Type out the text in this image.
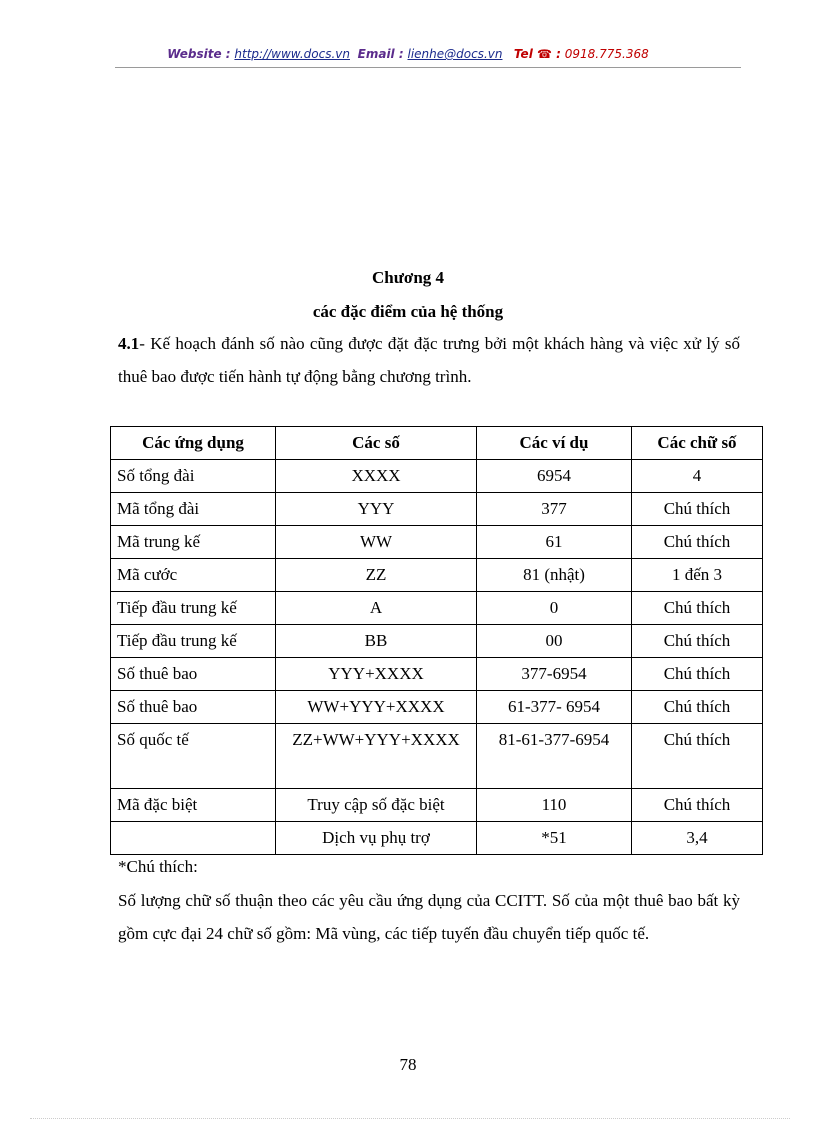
Website : http://www.docs.vn Email : lienhe@docs.vn Tel ☎ : 0918.775.368
Chương 4
các đặc điểm của hệ thống
4.1- Kế hoạch đánh số nào cũng được đặt đặc trưng bởi một khách hàng và việc xử lý số thuê bao được tiến hành tự động bằng chương trình.
Các ứng dụng	Các số	Các ví dụ	Các chữ số
Số tổng đài	XXXX	6954	4
Mã tổng đài	YYY	377	Chú thích
Mã trung kế	WW	61	Chú thích
Mã cước	ZZ	81 (nhật)	1 đến 3
Tiếp đầu trung kế	A	0	Chú thích
Tiếp đầu trung kế	BB	00	Chú thích
Số thuê bao	YYY+XXXX	377-6954	Chú thích
Số thuê bao	WW+YYY+XXXX	61-377- 6954	Chú thích
Số quốc tế	ZZ+WW+YYY+XXXX	81-61-377-6954	Chú thích
Mã đặc biệt	Truy cập số đặc biệt	110	Chú thích
	Dịch vụ phụ trợ	*51	3,4
*Chú thích:
Số lượng chữ số thuận theo các yêu cầu ứng dụng của CCITT. Số của một thuê bao bất kỳ gồm cực đại 24 chữ số gồm: Mã vùng, các tiếp tuyến đầu chuyển tiếp quốc tế.
78
